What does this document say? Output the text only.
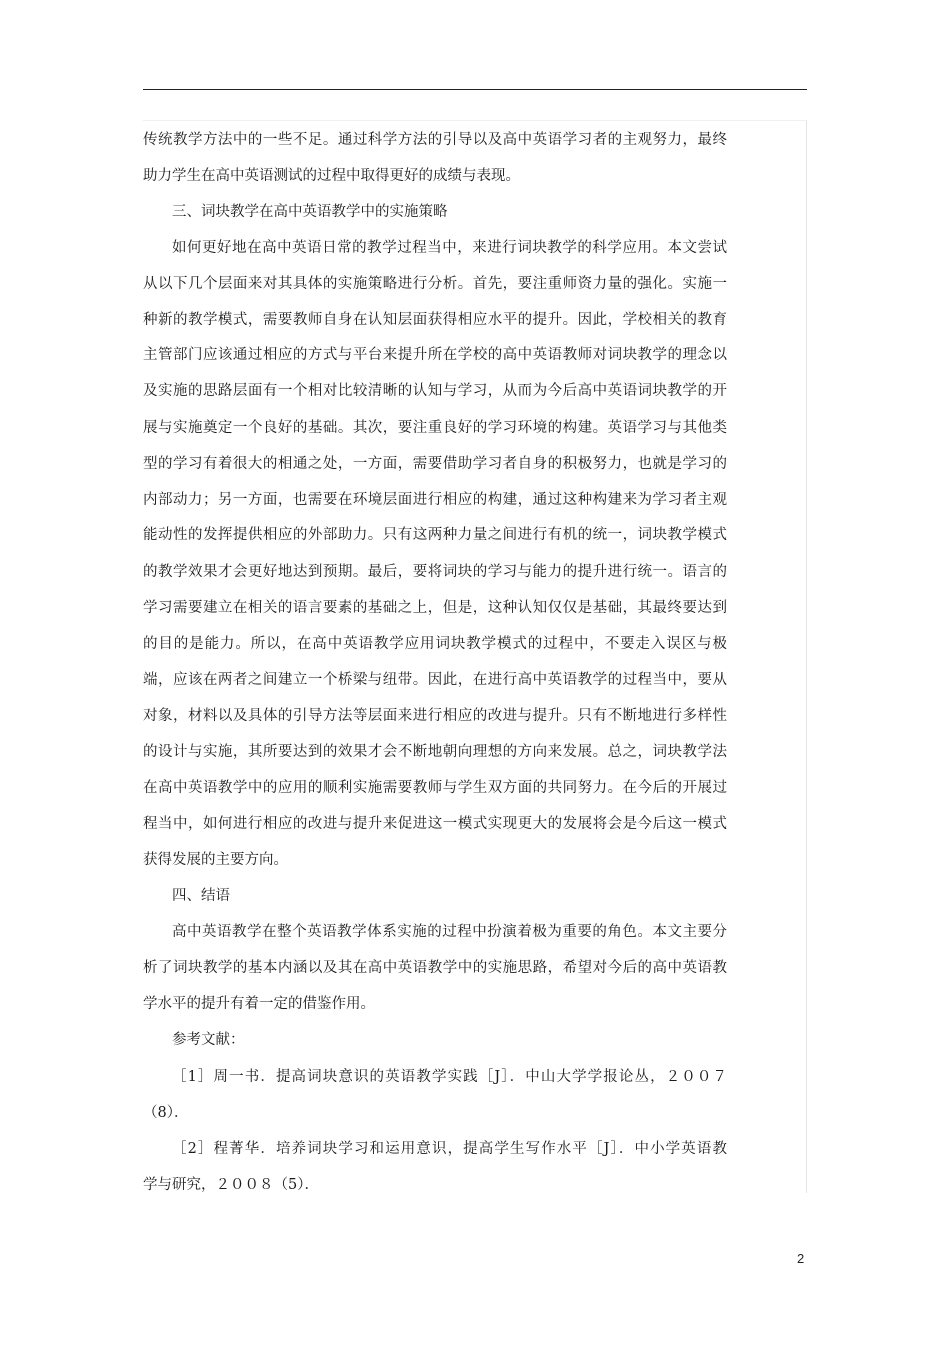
传统教学方法中的一些不足。通过科学方法的引导以及高中英语学习者的主观努力，最终
助力学生在高中英语测试的过程中取得更好的成绩与表现。
三、词块教学在高中英语教学中的实施策略
如何更好地在高中英语日常的教学过程当中，来进行词块教学的科学应用。本文尝试
从以下几个层面来对其具体的实施策略进行分析。首先，要注重师资力量的强化。实施一
种新的教学模式，需要教师自身在认知层面获得相应水平的提升。因此，学校相关的教育
主管部门应该通过相应的方式与平台来提升所在学校的高中英语教师对词块教学的理念以
及实施的思路层面有一个相对比较清晰的认知与学习，从而为今后高中英语词块教学的开
展与实施奠定一个良好的基础。其次，要注重良好的学习环境的构建。英语学习与其他类
型的学习有着很大的相通之处，一方面，需要借助学习者自身的积极努力，也就是学习的
内部动力；另一方面，也需要在环境层面进行相应的构建，通过这种构建来为学习者主观
能动性的发挥提供相应的外部助力。只有这两种力量之间进行有机的统一，词块教学模式
的教学效果才会更好地达到预期。最后，要将词块的学习与能力的提升进行统一。语言的
学习需要建立在相关的语言要素的基础之上，但是，这种认知仅仅是基础，其最终要达到
的目的是能力。所以，在高中英语教学应用词块教学模式的过程中，不要走入误区与极
端，应该在两者之间建立一个桥梁与纽带。因此，在进行高中英语教学的过程当中，要从
对象，材料以及具体的引导方法等层面来进行相应的改进与提升。只有不断地进行多样性
的设计与实施，其所要达到的效果才会不断地朝向理想的方向来发展。总之，词块教学法
在高中英语教学中的应用的顺利实施需要教师与学生双方面的共同努力。在今后的开展过
程当中，如何进行相应的改进与提升来促进这一模式实现更大的发展将会是今后这一模式
获得发展的主要方向。
四、结语
高中英语教学在整个英语教学体系实施的过程中扮演着极为重要的角色。本文主要分
析了词块教学的基本内涵以及其在高中英语教学中的实施思路，希望对今后的高中英语教
学水平的提升有着一定的借鉴作用。
参考文献：
［1］周一书．提高词块意识的英语教学实践［J］．中山大学学报论丛，２００７
（8）．
［2］程菁华．培养词块学习和运用意识，提高学生写作水平［J］．中小学英语教
学与研究，２００８（5）．
2
